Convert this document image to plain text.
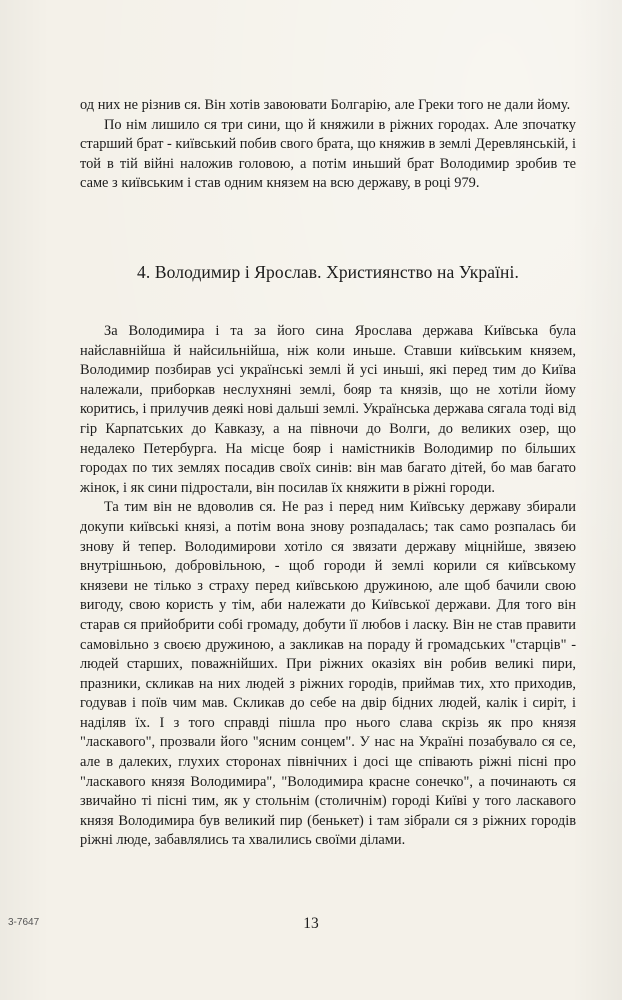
од них не різнив ся. Він хотів завоювати Болгарію, але Греки того не дали йому.

По нім лишило ся три сини, що й княжили в ріжних городах. Але зпочатку старший брат - київський побив свого брата, що княжив в землі Деревлянській, і той в тій війні наложив головою, а потім иньший брат Володимир зробив те саме з київським і став одним князем на всю державу, в році 979.

4. Володимир і Ярослав. Християнство на Україні.

За Володимира і та за його сина Ярослава держава Київська була найславнійша й найсильнійша, ніж коли иньше. Ставши київським князем, Володимир позбирав усі українські землі й усі иньші, які перед тим до Київа належали, приборкав неслухняні землі, бояр та князів, що не хотіли йому коритись, і прилучив деякі нові дальші землі. Українська держава сягала тоді від гір Карпатських до Кавказу, а на півночи до Волги, до великих озер, що недалеко Петербурга. На місце бояр і намістників Володимир по більших городах по тих землях посадив своїх синів: він мав багато дітей, бо мав багато жінок, і як сини підростали, він посилав їх княжити в ріжні городи.

Та тим він не вдоволив ся. Не раз і перед ним Київську державу збирали докупи київські князі, а потім вона знову розпадалась; так само розпалась би знову й тепер. Володимирови хотіло ся звязати державу міцнійше, звязею внутрішньою, добровільною, - щоб городи й землі корили ся київському князеви не тілько з страху перед київською дружиною, але щоб бачили свою вигоду, свою користь у тім, аби належати до Київської держави. Для того він старав ся прийобрити собі громаду, добути її любов і ласку. Він не став правити самовільно з своєю дружиною, а закликав на пораду й громадських "старців" - людей старших, поважнійших. При ріжних оказіях він робив великі пири, празники, скликав на них людей з ріжних городів, приймав тих, хто приходив, годував і поїв чим мав. Скликав до себе на двір бідних людей, калік і сиріт, і наділяв їх. І з того справді пішла про нього слава скрізь як про князя "ласкавого", прозвали його "ясним сонцем". У нас на Україні позабувало ся се, але в далеких, глухих сторонах північних і досі ще співають ріжні пісні про "ласкавого князя Володимира", "Володимира красне сонечко", а починають ся звичайно ті пісні тим, як у стольнім (столичнім) городі Київі у того ласкавого князя Володимира був великий пир (бенькет) і там зібрали ся з ріжних городів ріжні люде, забавлялись та хвалились своїми ділами.

3-7647	13
